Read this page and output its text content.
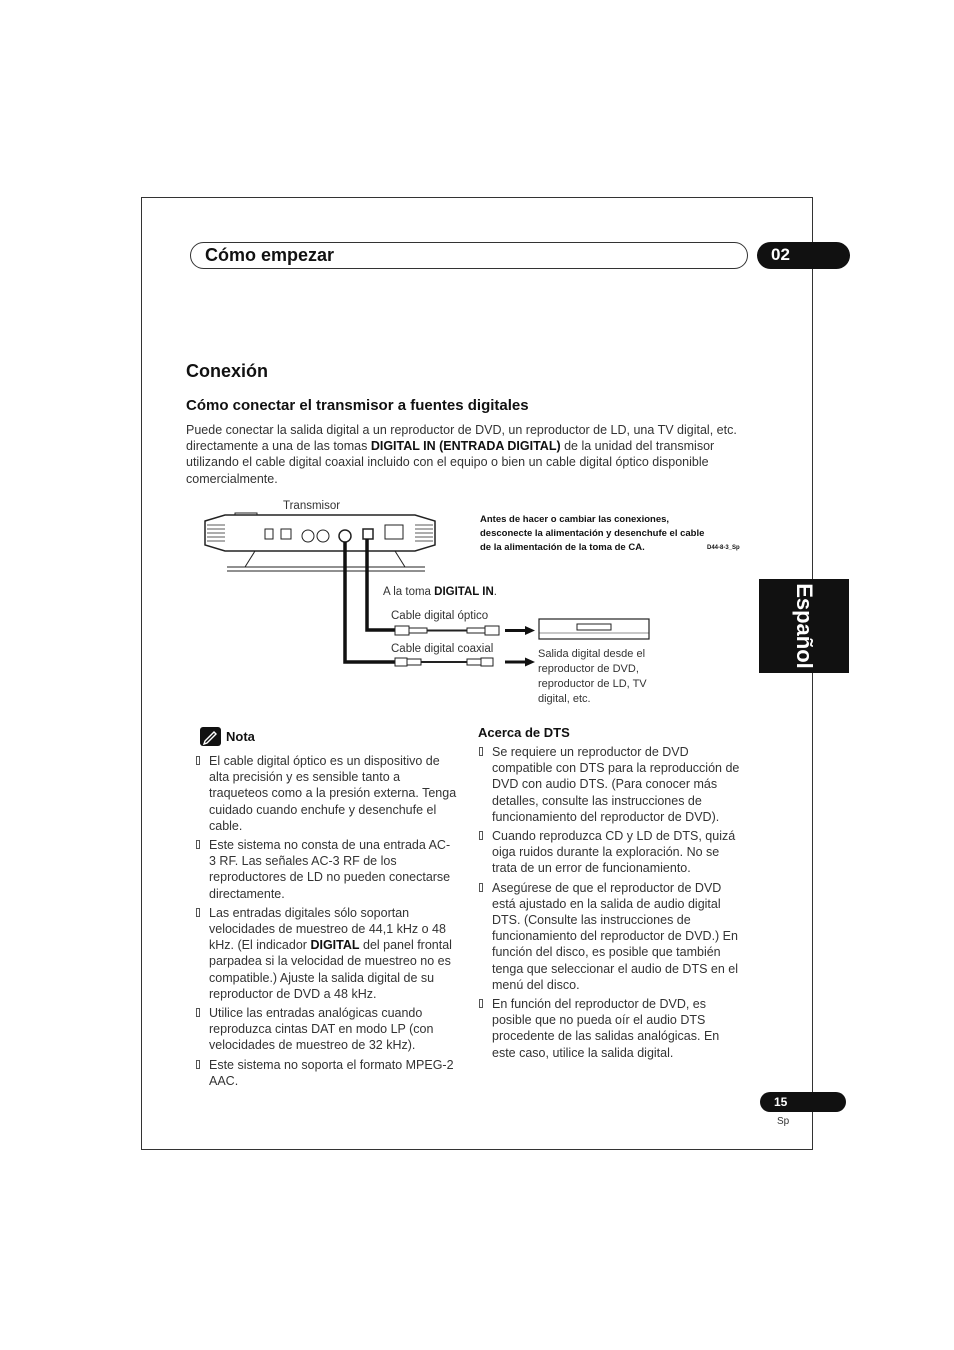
Cómo empezar	02
Español
Conexión
Cómo conectar el transmisor a fuentes digitales
Puede conectar la salida digital a un reproductor de DVD, un reproductor de LD, una TV digital, etc. directamente a una de las tomas DIGITAL IN (ENTRADA DIGITAL) de la unidad del transmisor utilizando el cable digital coaxial incluido con el equipo o bien un cable digital óptico disponible comercialmente.
Transmisor
Antes de hacer o cambiar las conexiones,
desconecte la alimentación y desenchufe el cable
de la alimentación de la toma de CA.	D44-8-3_Sp
A la toma DIGITAL IN.
Cable digital óptico
Cable digital coaxial	Salida digital desde el
reproductor de DVD,
reproductor de LD, TV
digital, etc.
Nota
El cable digital óptico es un dispositivo de alta precisión y es sensible tanto a traqueteos como a la presión externa. Tenga cuidado cuando enchufe y desenchufe el cable.
Este sistema no consta de una entrada AC-3 RF. Las señales AC-3 RF de los reproductores de LD no pueden conectarse directamente.
Las entradas digitales sólo soportan velocidades de muestreo de 44,1 kHz o 48 kHz. (El indicador DIGITAL del panel frontal parpadea si la velocidad de muestreo no es compatible.) Ajuste la salida digital de su reproductor de DVD a 48 kHz.
Utilice las entradas analógicas cuando reproduzca cintas DAT en modo LP (con velocidades de muestreo de 32 kHz).
Este sistema no soporta el formato MPEG-2 AAC.
Acerca de DTS
Se requiere un reproductor de DVD compatible con DTS para la reproducción de DVD con audio DTS. (Para conocer más detalles, consulte las instrucciones de funcionamiento del reproductor de DVD).
Cuando reproduzca CD y LD de DTS, quizá oiga ruidos durante la exploración. No se trata de un error de funcionamiento.
Asegúrese de que el reproductor de DVD está ajustado en la salida de audio digital DTS. (Consulte las instrucciones de funcionamiento del reproductor de DVD.) En función del disco, es posible que también tenga que seleccionar el audio de DTS en el menú del disco.
En función del reproductor de DVD, es posible que no pueda oír el audio DTS procedente de las salidas analógicas. En este caso, utilice la salida digital.
15
Sp
